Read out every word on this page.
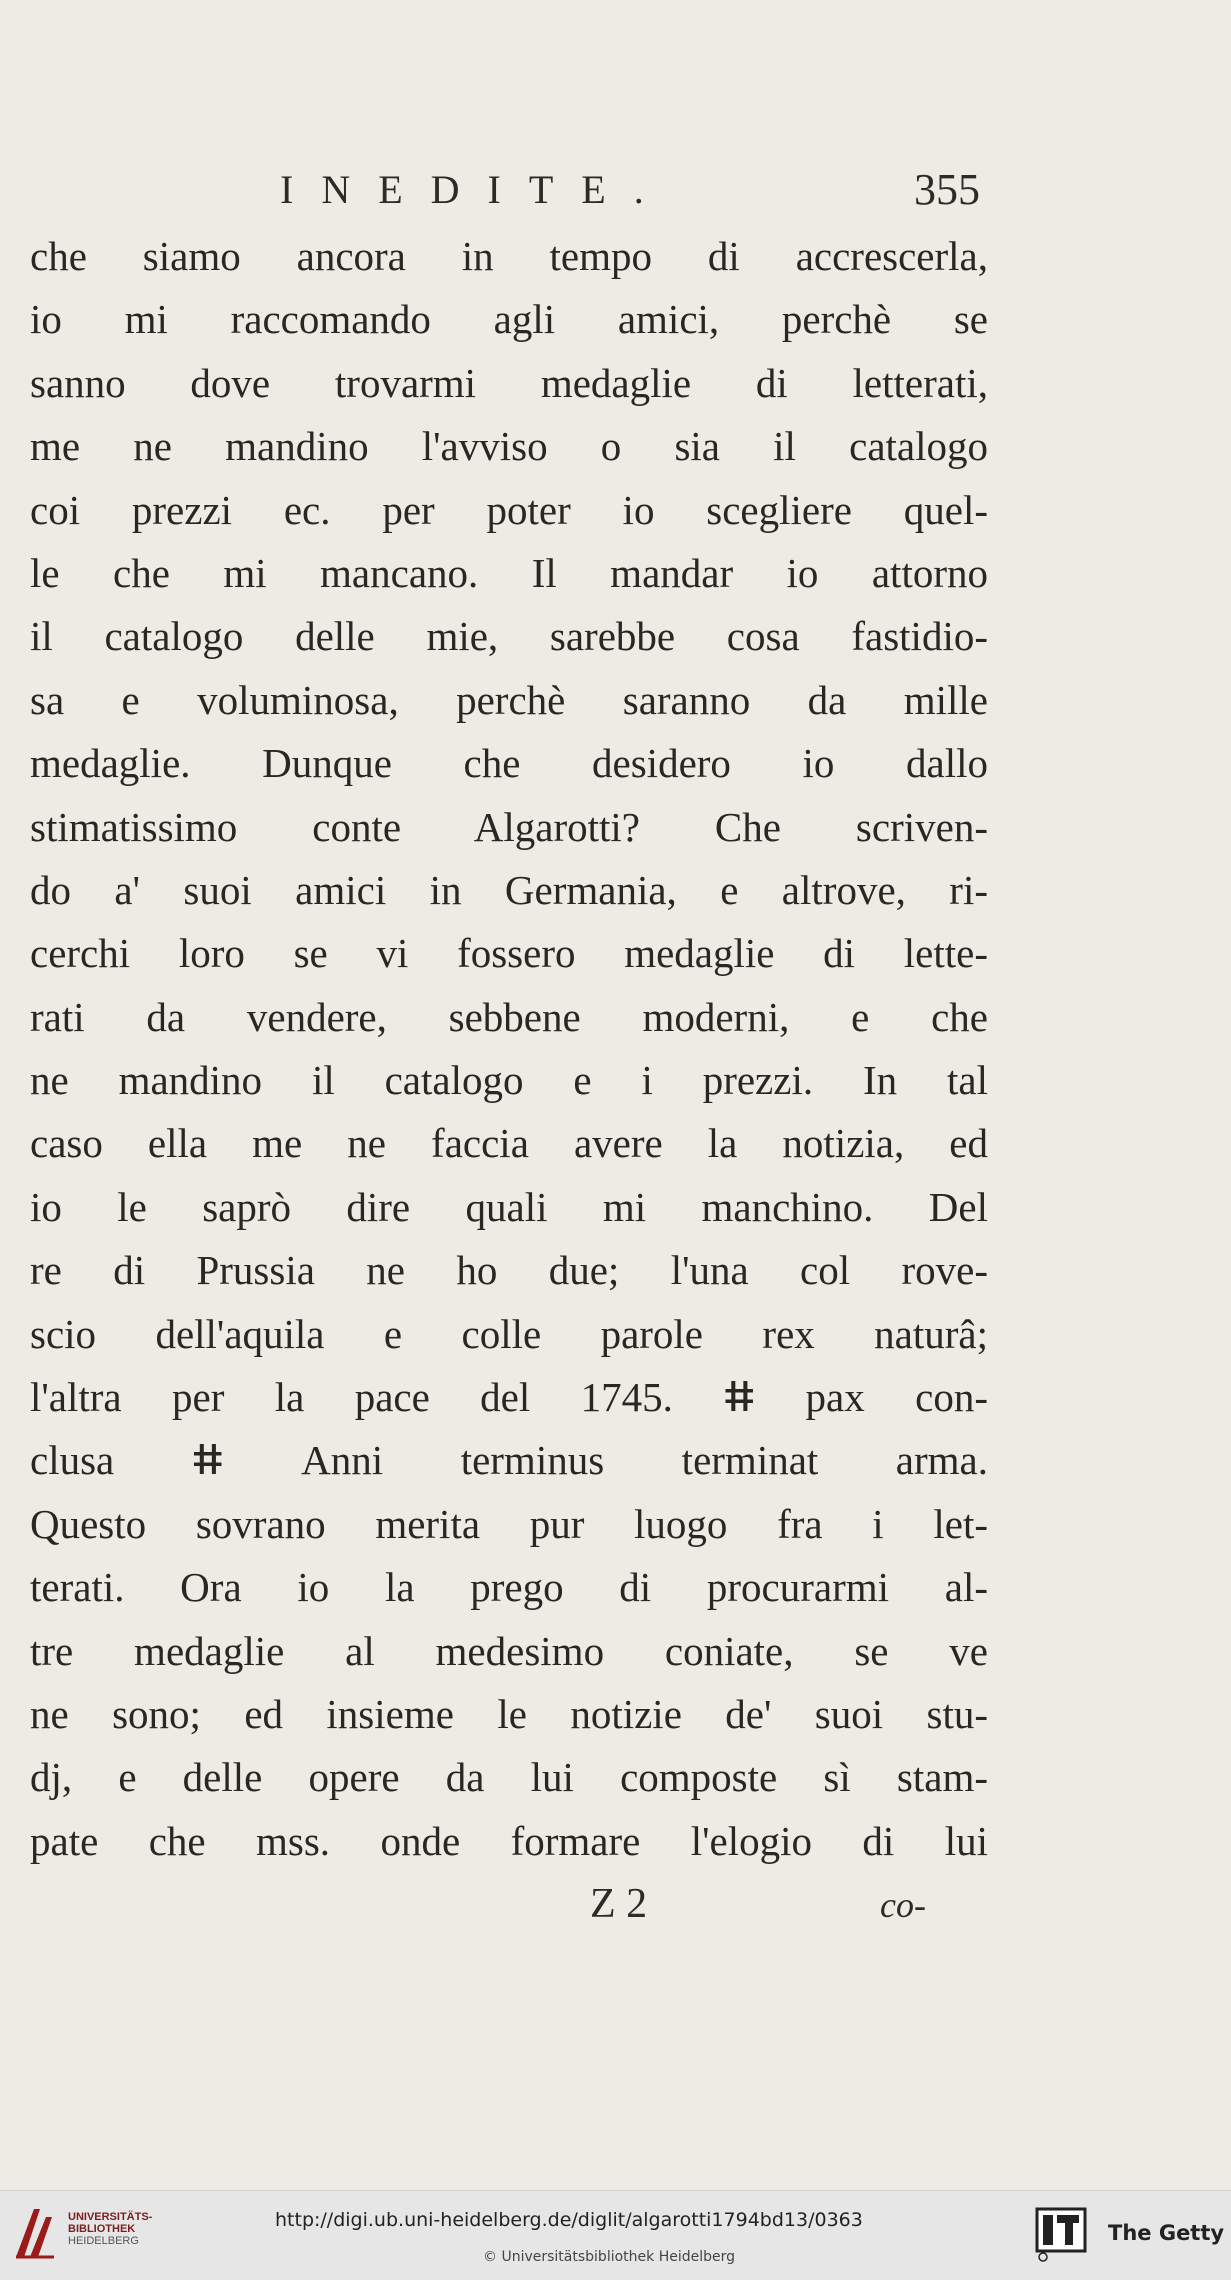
INEDITE.	355
che siamo ancora in tempo di accrescerla,
io mi raccomando agli amici, perchè se
sanno dove trovarmi medaglie di letterati,
me ne mandino l'avviso o sia il catalogo
coi prezzi ec. per poter io scegliere quel-
le che mi mancano. Il mandar io attorno
il catalogo delle mie, sarebbe cosa fastidio-
sa e voluminosa, perchè saranno da mille
medaglie. Dunque che desidero io dallo
stimatissimo conte Algarotti? Che scriven-
do a' suoi amici in Germania, e altrove, ri-
cerchi loro se vi fossero medaglie di lette-
rati da vendere, sebbene moderni, e che
ne mandino il catalogo e i prezzi. In tal
caso ella me ne faccia avere la notizia, ed
io le saprò dire quali mi manchino. Del
re di Prussia ne ho due; l'una col rove-
scio dell'aquila e colle parole rex naturâ;
l'altra per la pace del 1745. ⵌ pax con-
clusa ⵌ Anni terminus terminat arma.
Questo sovrano merita pur luogo fra i let-
terati. Ora io la prego di procurarmi al-
tre medaglie al medesimo coniate, se ve
ne sono; ed insieme le notizie de' suoi stu-
dj, e delle opere da lui composte sì stam-
pate che mss. onde formare l'elogio di lui
Z 2	co-
UNIVERSITÄTS-
BIBLIOTHEK
HEIDELBERG
http://digi.ub.uni-heidelberg.de/diglit/algarotti1794bd13/0363
© Universitätsbibliothek Heidelberg
The Getty
